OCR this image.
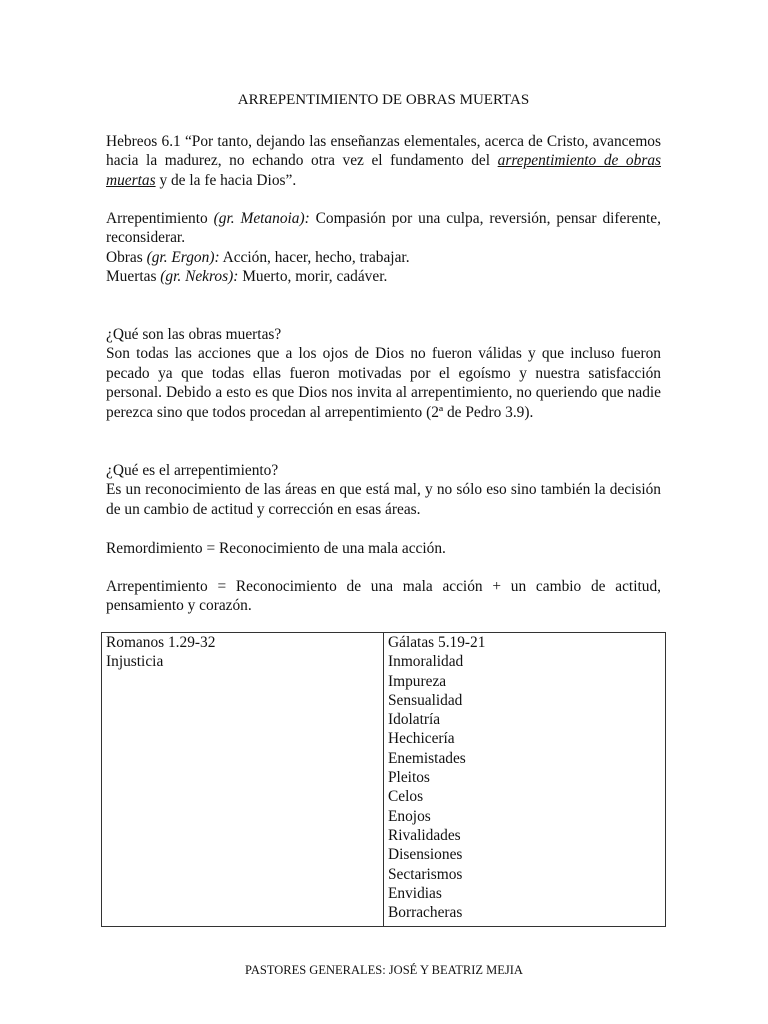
ARREPENTIMIENTO DE OBRAS MUERTAS

Hebreos 6.1 “Por tanto, dejando las enseñanzas elementales, acerca de Cristo, avancemos hacia la madurez, no echando otra vez el fundamento del arrepentimiento de obras muertas y de la fe hacia Dios”.

Arrepentimiento (gr. Metanoia): Compasión por una culpa, reversión, pensar diferente, reconsiderar.

Obras (gr. Ergon): Acción, hacer, hecho, trabajar.

Muertas (gr. Nekros): Muerto, morir, cadáver.

¿Qué son las obras muertas?

Son todas las acciones que a los ojos de Dios no fueron válidas y que incluso fueron pecado ya que todas ellas fueron motivadas por el egoísmo y nuestra satisfacción personal. Debido a esto es que Dios nos invita al arrepentimiento, no queriendo que nadie perezca sino que todos procedan al arrepentimiento (2ª de Pedro 3.9).

¿Qué es el arrepentimiento?

Es un reconocimiento de las áreas en que está mal, y no sólo eso sino también la decisión de un cambio de actitud y corrección en esas áreas.

Remordimiento = Reconocimiento de una mala acción.

Arrepentimiento = Reconocimiento de una mala acción + un cambio de actitud, pensamiento y corazón.

Romanos 1.29-32
Injusticia

Gálatas 5.19-21
Inmoralidad
Impureza
Sensualidad
Idolatría
Hechicería
Enemistades
Pleitos
Celos
Enojos
Rivalidades
Disensiones
Sectarismos
Envidias
Borracheras
PASTORES GENERALES: JOSÉ Y BEATRIZ MEJIA
